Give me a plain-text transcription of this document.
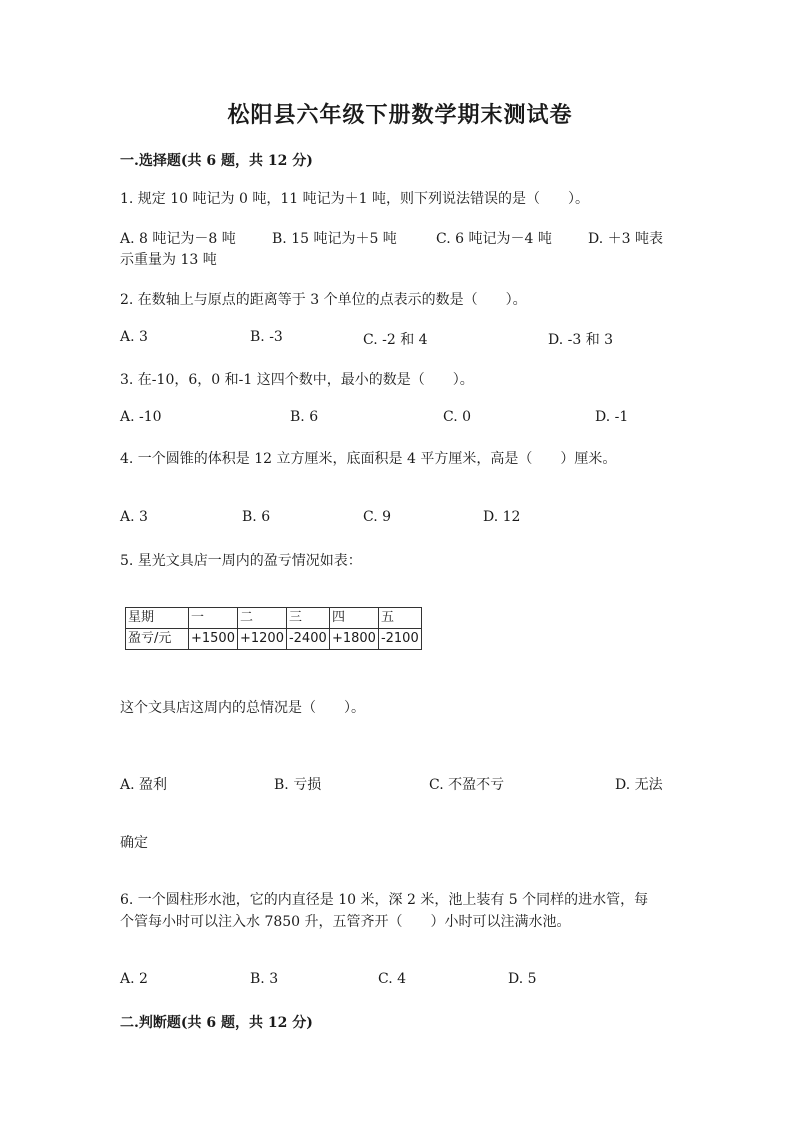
松阳县六年级下册数学期末测试卷
一.选择题(共 6 题，共 12 分)
1. 规定 10 吨记为 0 吨，11 吨记为＋1 吨，则下列说法错误的是（　　）。
A. 8 吨记为－8 吨	B. 15 吨记为＋5 吨	C. 6 吨记为－4 吨	D. ＋3 吨表
示重量为 13 吨
2. 在数轴上与原点的距离等于 3 个单位的点表示的数是（　　）。
A. 3	B. -3	C. -2 和 4	D. -3 和 3
3. 在-10，6，0 和-1 这四个数中，最小的数是（　　）。
A. -10	B. 6	C. 0	D. -1
4. 一个圆锥的体积是 12 立方厘米，底面积是 4 平方厘米，高是（　　）厘米。
A. 3	B. 6	C. 9	D. 12
5. 星光文具店一周内的盈亏情况如表：
星期	一	二	三	四	五
盈亏/元	+1500	+1200	-2400	+1800	-2100
这个文具店这周内的总情况是（　　）。
A. 盈利	B. 亏损	C. 不盈不亏	D. 无法
确定
6. 一个圆柱形水池，它的内直径是 10 米，深 2 米，池上装有 5 个同样的进水管，每个管每小时可以注入水 7850 升，五管齐开（　　）小时可以注满水池。
A. 2	B. 3	C. 4	D. 5
二.判断题(共 6 题，共 12 分)
